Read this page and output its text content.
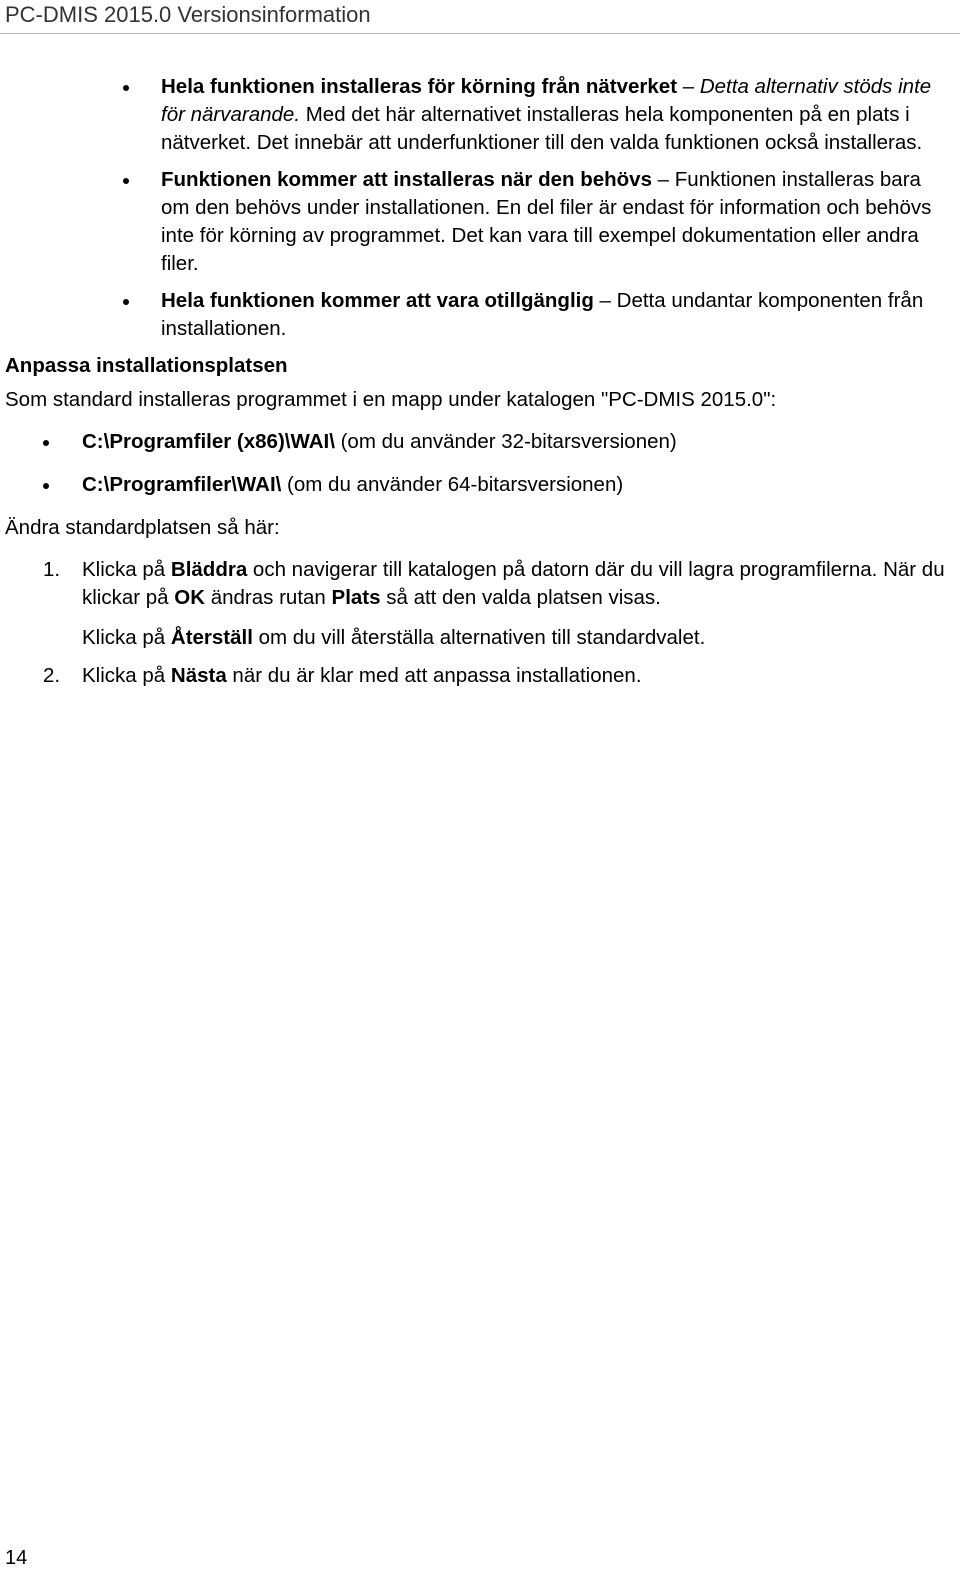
PC-DMIS 2015.0 Versionsinformation
Hela funktionen installeras för körning från nätverket – Detta alternativ stöds inte för närvarande. Med det här alternativet installeras hela komponenten på en plats i nätverket. Det innebär att underfunktioner till den valda funktionen också installeras.
Funktionen kommer att installeras när den behövs – Funktionen installeras bara om den behövs under installationen. En del filer är endast för information och behövs inte för körning av programmet. Det kan vara till exempel dokumentation eller andra filer.
Hela funktionen kommer att vara otillgänglig – Detta undantar komponenten från installationen.
Anpassa installationsplatsen
Som standard installeras programmet i en mapp under katalogen "PC-DMIS 2015.0":
C:\Programfiler (x86)\WAI\ (om du använder 32-bitarsversionen)
C:\Programfiler\WAI\ (om du använder 64-bitarsversionen)
Ändra standardplatsen så här:
1. Klicka på Bläddra och navigerar till katalogen på datorn där du vill lagra programfilerna. När du klickar på OK ändras rutan Plats så att den valda platsen visas.
Klicka på Återställ om du vill återställa alternativen till standardvalet.
2. Klicka på Nästa när du är klar med att anpassa installationen.
14
